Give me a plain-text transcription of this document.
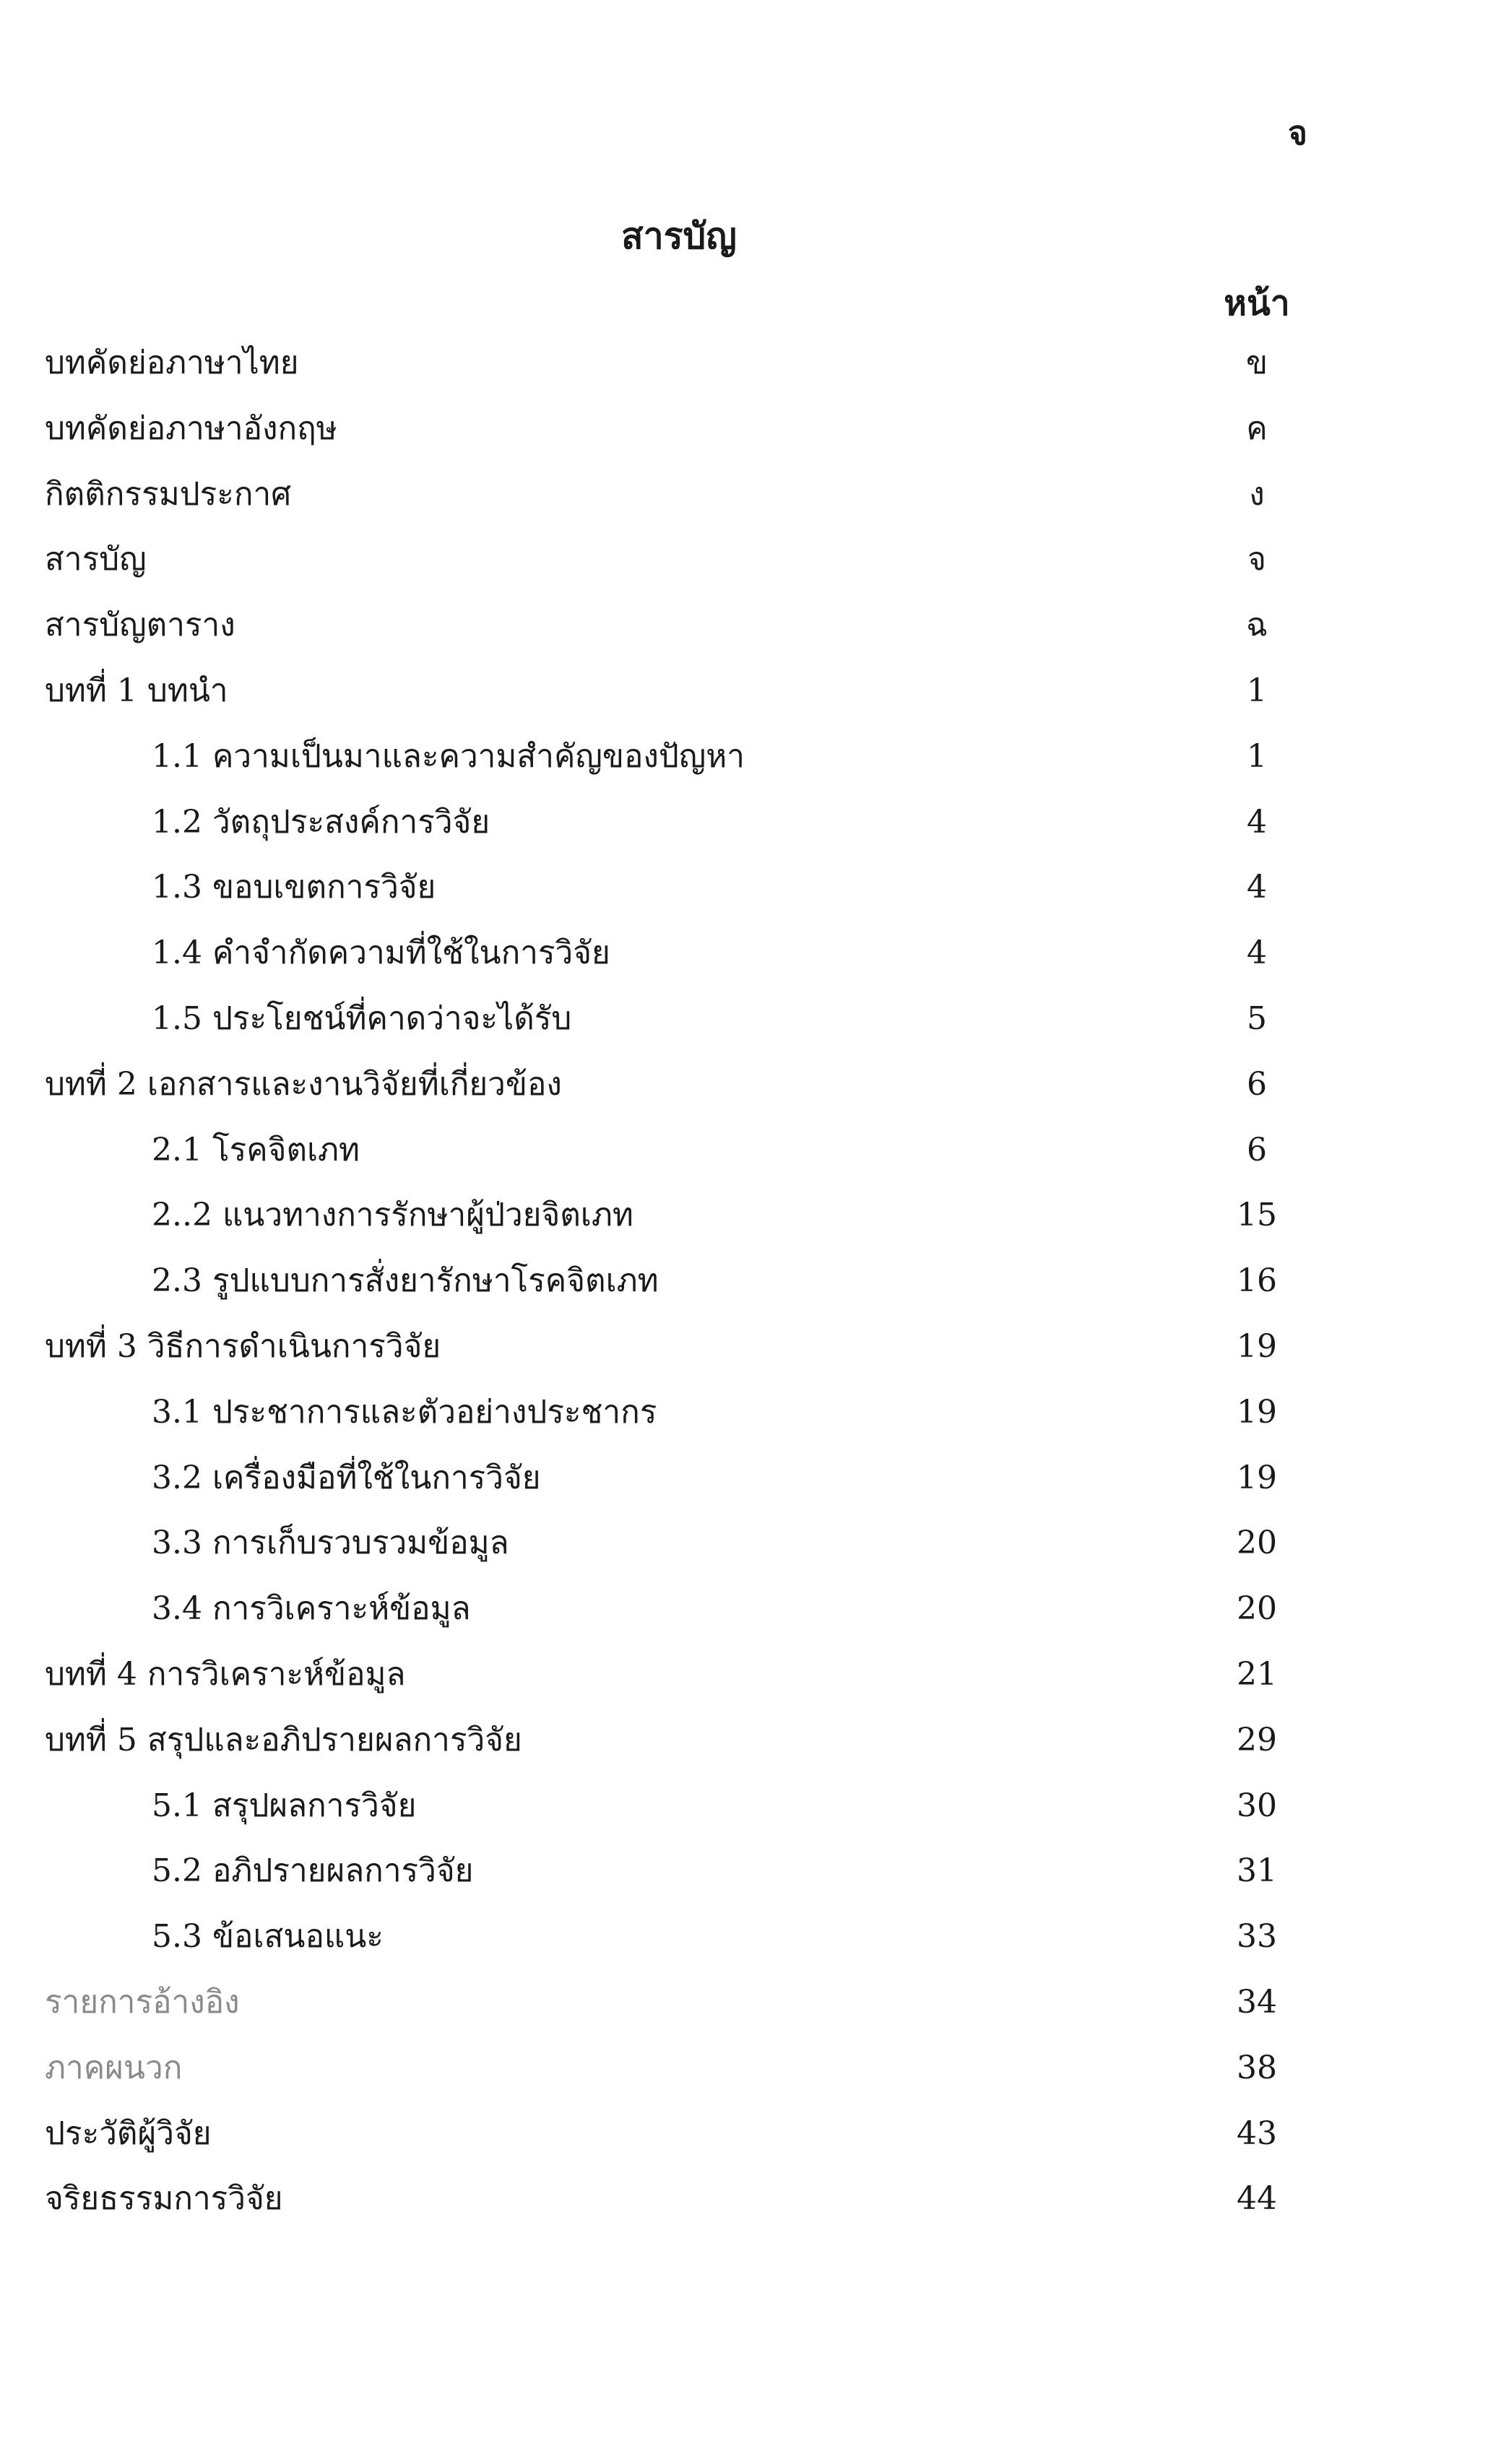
จ
สารบัญ
หน้า
บทคัดย่อภาษาไทย	ข
บทคัดย่อภาษาอังกฤษ	ค
กิตติกรรมประกาศ	ง
สารบัญ	จ
สารบัญตาราง	ฉ
บทที่ 1 บทนำ	1
1.1 ความเป็นมาและความสำคัญของปัญหา	1
1.2 วัตถุประสงค์การวิจัย	4
1.3 ขอบเขตการวิจัย	4
1.4 คำจำกัดความที่ใช้ในการวิจัย	4
1.5 ประโยชน์ที่คาดว่าจะได้รับ	5
บทที่ 2 เอกสารและงานวิจัยที่เกี่ยวข้อง	6
2.1 โรคจิตเภท	6
2..2 แนวทางการรักษาผู้ป่วยจิตเภท	15
2.3 รูปแบบการสั่งยารักษาโรคจิตเภท	16
บทที่ 3 วิธีการดำเนินการวิจัย	19
3.1 ประชาการและตัวอย่างประชากร	19
3.2 เครื่องมือที่ใช้ในการวิจัย	19
3.3 การเก็บรวบรวมข้อมูล	20
3.4 การวิเคราะห์ข้อมูล	20
บทที่ 4 การวิเคราะห์ข้อมูล	21
บทที่ 5 สรุปและอภิปรายผลการวิจัย	29
5.1 สรุปผลการวิจัย	30
5.2 อภิปรายผลการวิจัย	31
5.3 ข้อเสนอแนะ	33
รายการอ้างอิง	34
ภาคผนวก	38
ประวัติผู้วิจัย	43
จริยธรรมการวิจัย	44
